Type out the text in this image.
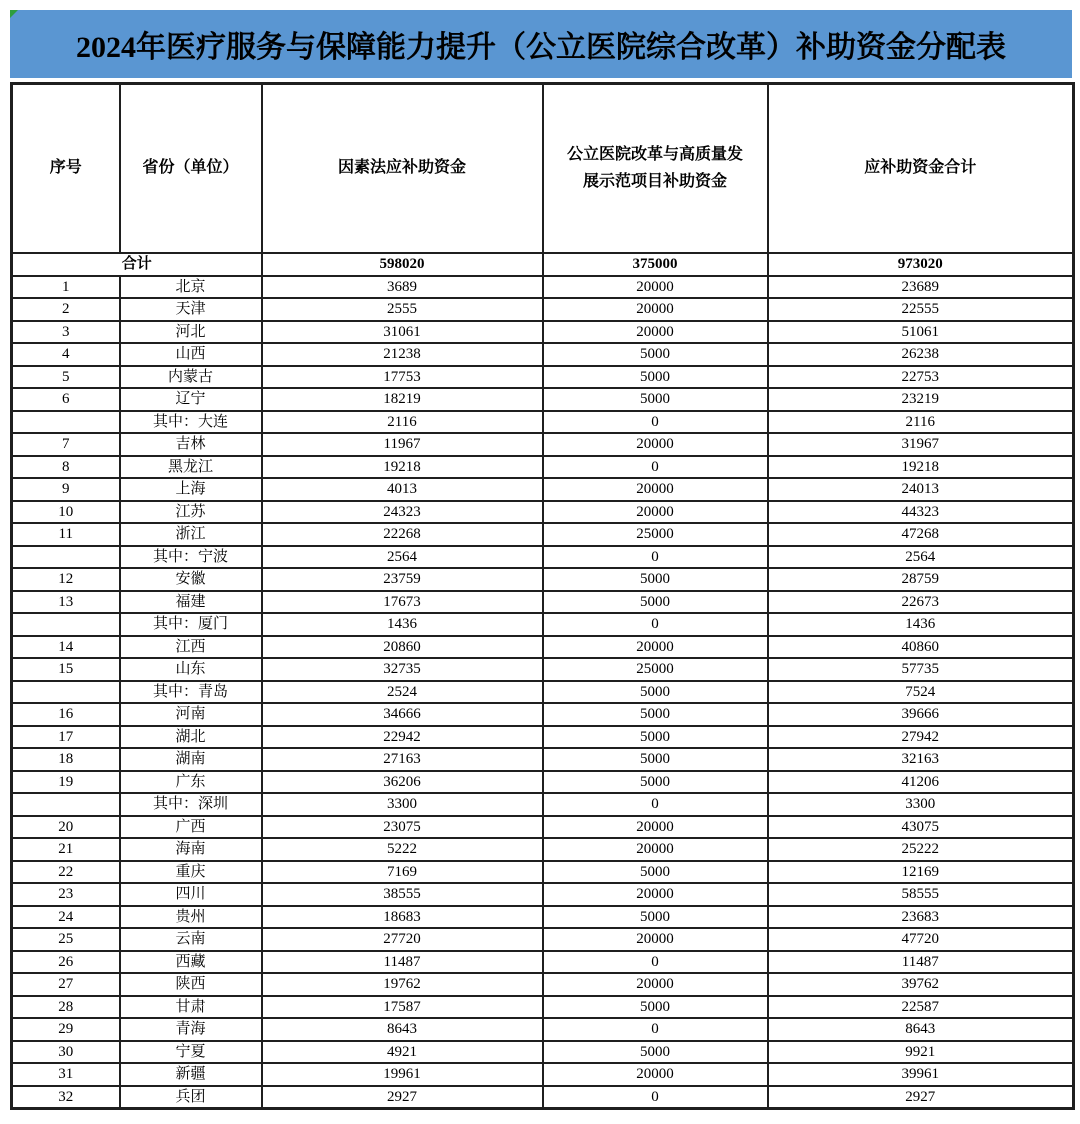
2024年医疗服务与保障能力提升（公立医院综合改革）补助资金分配表
序号	省份（单位）	因素法应补助资金	公立医院改革与高质量发展示范项目补助资金	应补助资金合计
合计		598020	375000	973020
1	北京	3689	20000	23689
2	天津	2555	20000	22555
3	河北	31061	20000	51061
4	山西	21238	5000	26238
5	内蒙古	17753	5000	22753
6	辽宁	18219	5000	23219
	其中：大连	2116	0	2116
7	吉林	11967	20000	31967
8	黑龙江	19218	0	19218
9	上海	4013	20000	24013
10	江苏	24323	20000	44323
11	浙江	22268	25000	47268
	其中：宁波	2564	0	2564
12	安徽	23759	5000	28759
13	福建	17673	5000	22673
	其中：厦门	1436	0	1436
14	江西	20860	20000	40860
15	山东	32735	25000	57735
	其中：青岛	2524	5000	7524
16	河南	34666	5000	39666
17	湖北	22942	5000	27942
18	湖南	27163	5000	32163
19	广东	36206	5000	41206
	其中：深圳	3300	0	3300
20	广西	23075	20000	43075
21	海南	5222	20000	25222
22	重庆	7169	5000	12169
23	四川	38555	20000	58555
24	贵州	18683	5000	23683
25	云南	27720	20000	47720
26	西藏	11487	0	11487
27	陕西	19762	20000	39762
28	甘肃	17587	5000	22587
29	青海	8643	0	8643
30	宁夏	4921	5000	9921
31	新疆	19961	20000	39961
32	兵团	2927	0	2927
